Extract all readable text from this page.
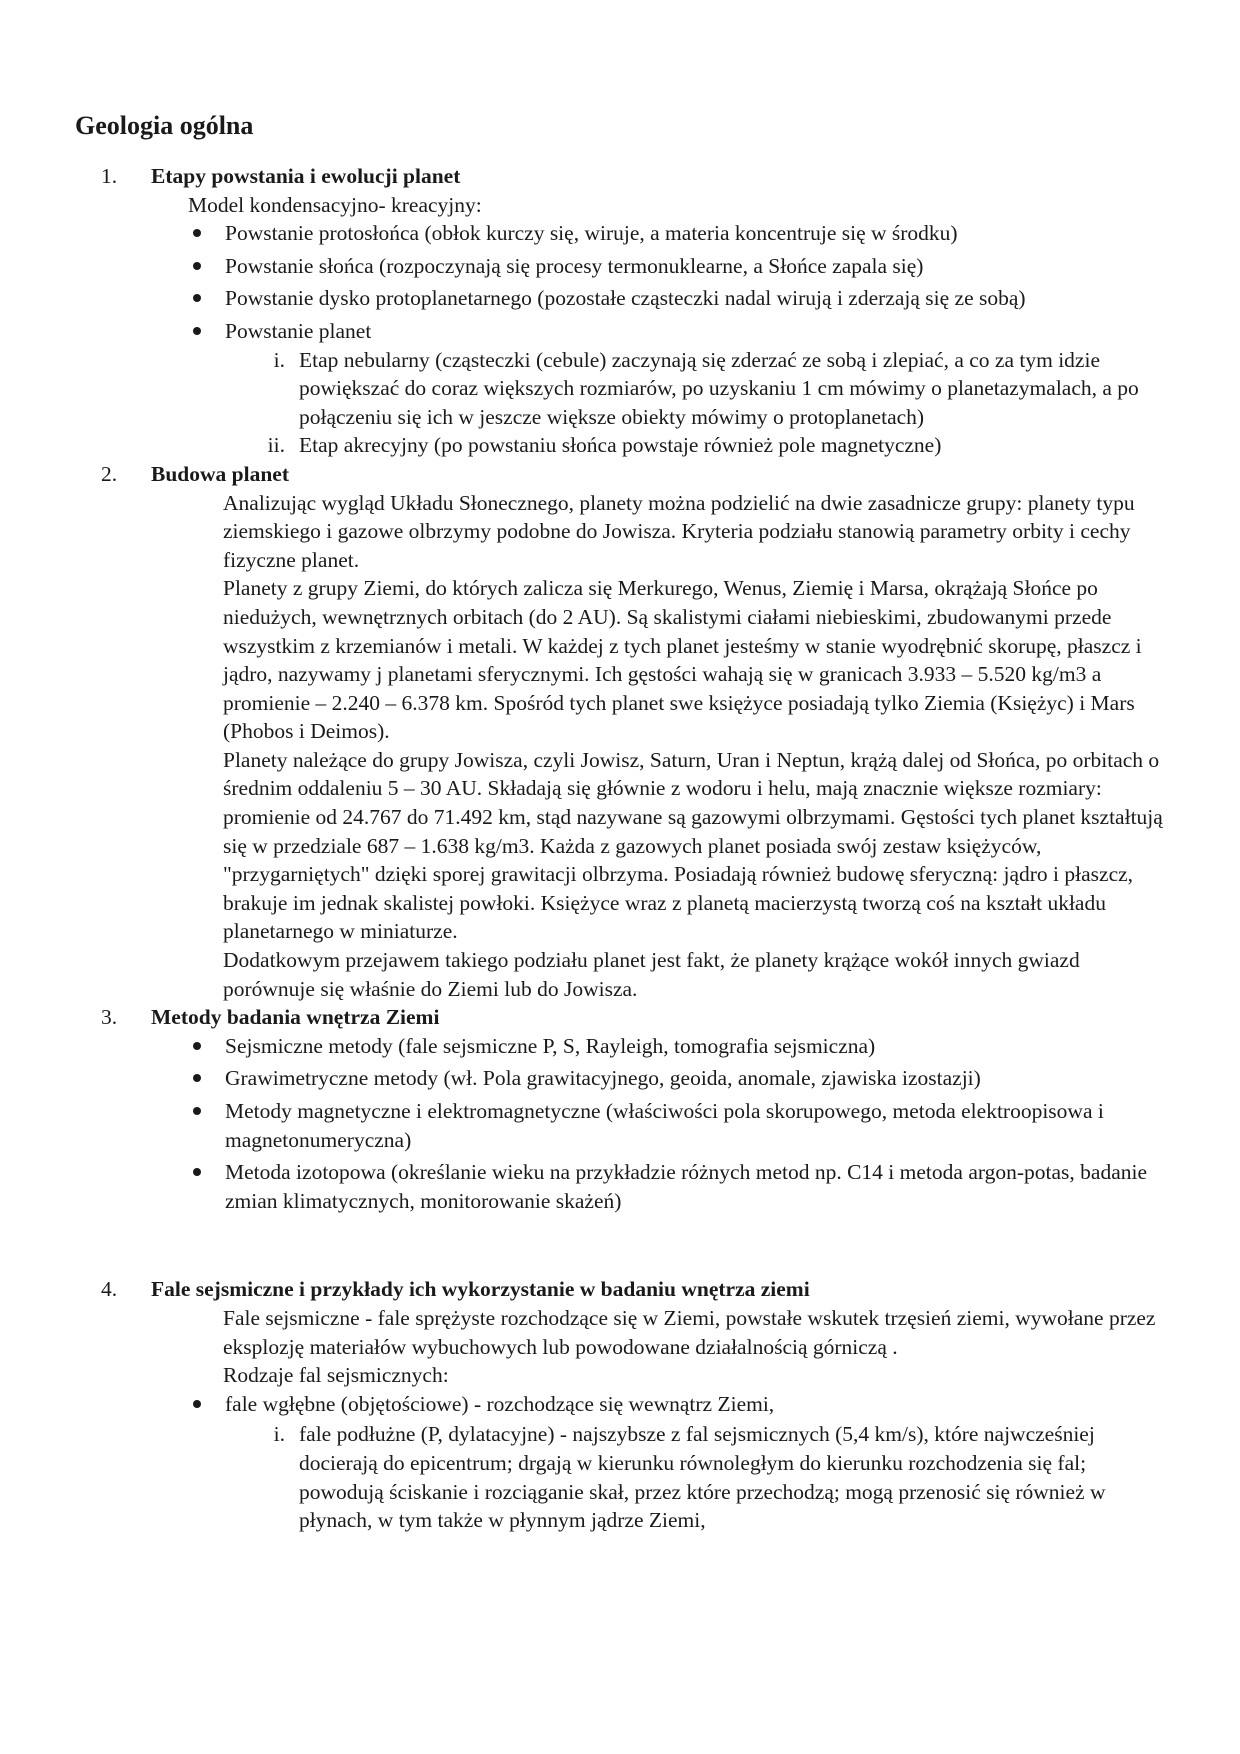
Geologia ogólna
1. Etapy powstania i ewolucji planet

Model kondensacyjno- kreacyjny:

Powstanie protosłońca (obłok kurczy się, wiruje, a materia koncentruje się w środku)
Powstanie słońca (rozpoczynają się procesy termonuklearne, a Słońce zapala się)
Powstanie dysko protoplanetarnego (pozostałe cząsteczki nadal wirują i zderzają się ze sobą)
Powstanie planet
i. Etap nebularny (cząsteczki (cebule) zaczynają się zderzać ze sobą i zlepiać, a co za tym idzie powiększać do coraz większych rozmiarów, po uzyskaniu 1 cm mówimy o planetazymalach, a po połączeniu się ich w jeszcze większe obiekty mówimy o protoplanetach)
ii. Etap akrecyjny (po powstaniu słońca powstaje również pole magnetyczne)
2. Budowa planet

Analizując wygląd Układu Słonecznego, planety można podzielić na dwie zasadnicze grupy: planety typu ziemskiego i gazowe olbrzymy podobne do Jowisza. Kryteria podziału stanowią parametry orbity i cechy fizyczne planet.

Planety z grupy Ziemi, do których zalicza się Merkurego, Wenus, Ziemię i Marsa, okrążają Słońce po niedużych, wewnętrznych orbitach (do 2 AU). Są skalistymi ciałami niebieskimi, zbudowanymi przede wszystkim z krzemianów i metali. W każdej z tych planet jesteśmy w stanie wyodrębnić skorupę, płaszcz i jądro, nazywamy j planetami sferycznymi. Ich gęstości wahają się w granicach 3.933 – 5.520 kg/m3 a promienie – 2.240 – 6.378 km. Spośród tych planet swe księżyce posiadają tylko Ziemia (Księżyc) i Mars (Phobos i Deimos).

Planety należące do grupy Jowisza, czyli Jowisz, Saturn, Uran i Neptun, krążą dalej od Słońca, po orbitach o średnim oddaleniu 5 – 30 AU. Składają się głównie z wodoru i helu, mają znacznie większe rozmiary: promienie od 24.767 do 71.492 km, stąd nazywane są gazowymi olbrzymami. Gęstości tych planet kształtują się w przedziale 687 – 1.638 kg/m3. Każda z gazowych planet posiada swój zestaw księżyców, "przygarniętych" dzięki sporej grawitacji olbrzyma. Posiadają również budowę sferyczną: jądro i płaszcz, brakuje im jednak skalistej powłoki. Księżyce wraz z planetą macierzystą tworzą coś na kształt układu planetarnego w miniaturze.

Dodatkowym przejawem takiego podziału planet jest fakt, że planety krążące wokół innych gwiazd porównuje się właśnie do Ziemi lub do Jowisza.

3. Metody badania wnętrza Ziemi
Sejsmiczne metody (fale sejsmiczne P, S, Rayleigh, tomografia sejsmiczna)
Grawimetryczne metody (wł. Pola grawitacyjnego, geoida, anomale, zjawiska izostazji)
Metody magnetyczne i elektromagnetyczne (właściwości pola skorupowego, metoda elektroopisowa i magnetonumeryczna)
Metoda izotopowa (określanie wieku na przykładzie różnych metod np. C14 i metoda argon-potas, badanie zmian klimatycznych, monitorowanie skażeń)
4. Fale sejsmiczne i przykłady ich wykorzystanie w badaniu wnętrza ziemi

Fale sejsmiczne - fale sprężyste rozchodzące się w Ziemi, powstałe wskutek trzęsień ziemi, wywołane przez eksplozję materiałów wybuchowych lub powodowane działalnością górniczą .

Rodzaje fal sejsmicznych:

fale wgłębne (objętościowe) - rozchodzące się wewnątrz Ziemi,
i. fale podłużne (P, dylatacyjne) - najszybsze z fal sejsmicznych (5,4 km/s), które najwcześniej docierają do epicentrum; drgają w kierunku równoległym do kierunku rozchodzenia się fal; powodują ściskanie i rozciąganie skał, przez które przechodzą; mogą przenosić się również w płynach, w tym także w płynnym jądrze Ziemi,
